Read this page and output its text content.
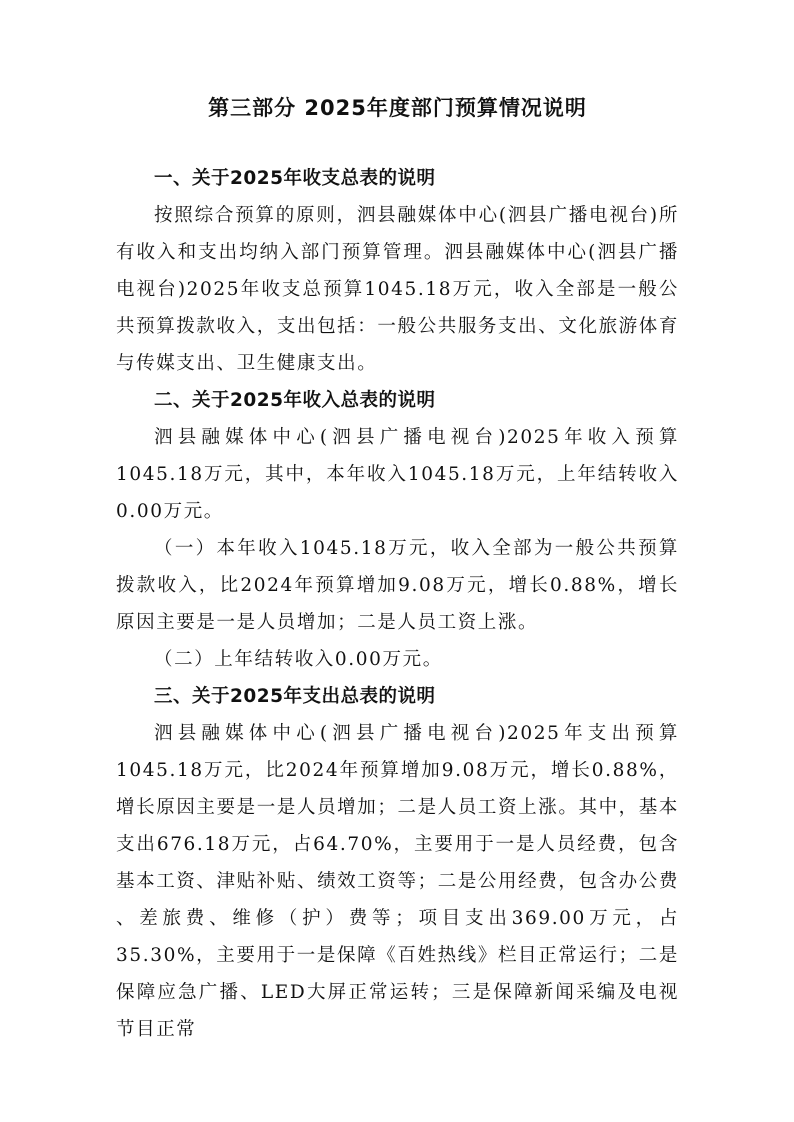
第三部分 2025年度部门预算情况说明
一、关于2025年收支总表的说明

按照综合预算的原则，泗县融媒体中心(泗县广播电视台)所有收入和支出均纳入部门预算管理。泗县融媒体中心(泗县广播电视台)2025年收支总预算1045.18万元，收入全部是一般公共预算拨款收入，支出包括：一般公共服务支出、文化旅游体育与传媒支出、卫生健康支出。

二、关于2025年收入总表的说明

泗县融媒体中心(泗县广播电视台)2025年收入预算1045.18万元，其中，本年收入1045.18万元，上年结转收入0.00万元。

（一）本年收入1045.18万元，收入全部为一般公共预算拨款收入，比2024年预算增加9.08万元，增长0.88%，增长原因主要是一是人员增加；二是人员工资上涨。

（二）上年结转收入0.00万元。

三、关于2025年支出总表的说明

泗县融媒体中心(泗县广播电视台)2025年支出预算1045.18万元，比2024年预算增加9.08万元，增长0.88%，增长原因主要是一是人员增加；二是人员工资上涨。其中，基本支出676.18万元，占64.70%，主要用于一是人员经费，包含基本工资、津贴补贴、绩效工资等；二是公用经费，包含办公费 、差旅费、维修（护）费等；项目支出369.00万元，占35.30%，主要用于一是保障《百姓热线》栏目正常运行；二是保障应急广播、LED大屏正常运转；三是保障新闻采编及电视节目正常
